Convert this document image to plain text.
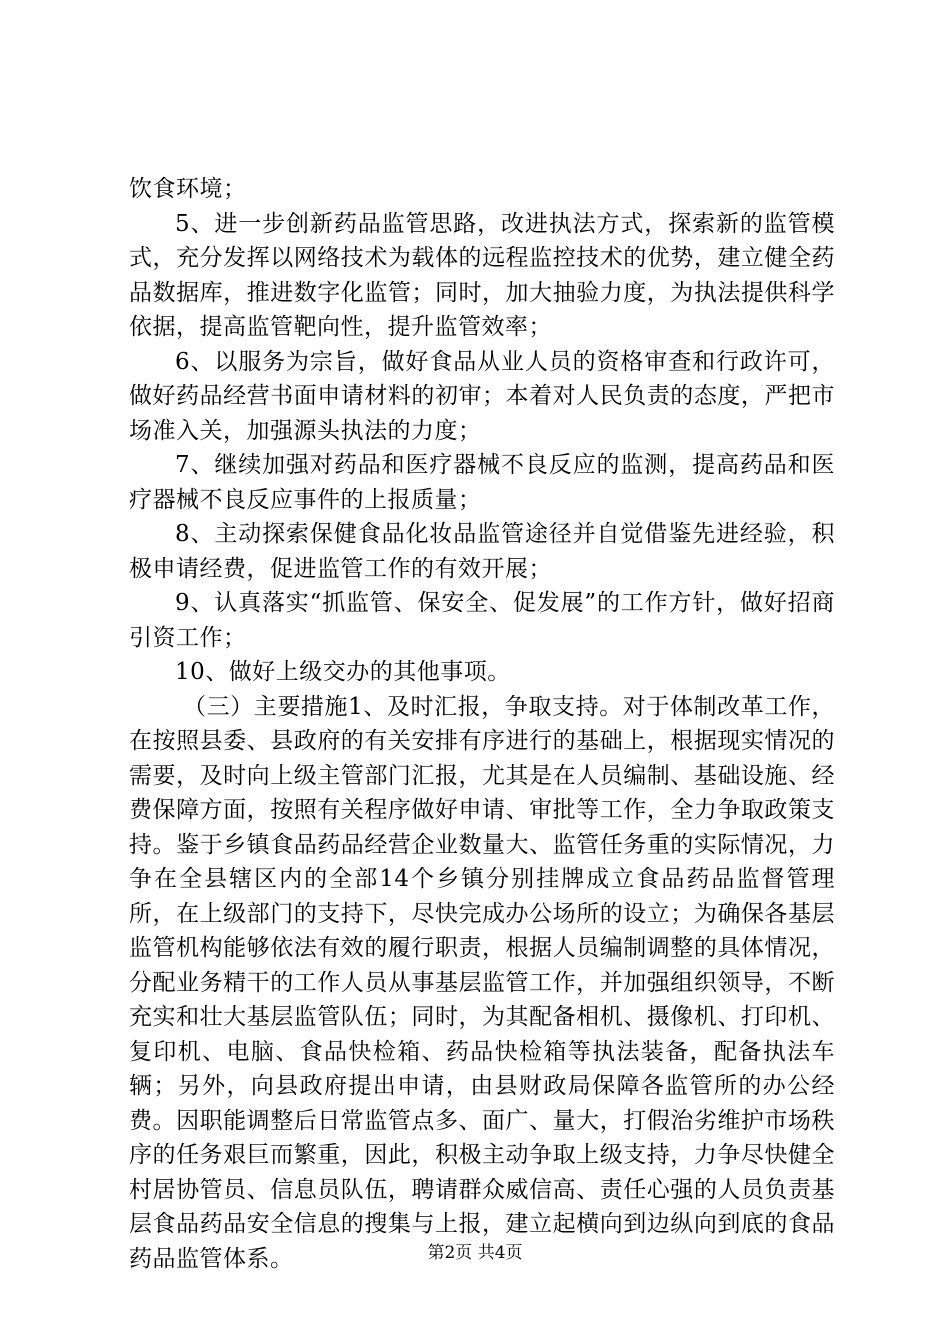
饮食环境；

5、进一步创新药品监管思路，改进执法方式，探索新的监管模式，充分发挥以网络技术为载体的远程监控技术的优势，建立健全药品数据库，推进数字化监管；同时，加大抽验力度，为执法提供科学依据，提高监管靶向性，提升监管效率；

6、以服务为宗旨，做好食品从业人员的资格审查和行政许可，做好药品经营书面申请材料的初审；本着对人民负责的态度，严把市场准入关，加强源头执法的力度；

7、继续加强对药品和医疗器械不良反应的监测，提高药品和医疗器械不良反应事件的上报质量；

8、主动探索保健食品化妆品监管途径并自觉借鉴先进经验，积极申请经费，促进监管工作的有效开展；

9、认真落实“抓监管、保安全、促发展”的工作方针，做好招商引资工作；

10、做好上级交办的其他事项。

（三）主要措施1、及时汇报，争取支持。对于体制改革工作，在按照县委、县政府的有关安排有序进行的基础上，根据现实情况的需要，及时向上级主管部门汇报，尤其是在人员编制、基础设施、经费保障方面，按照有关程序做好申请、审批等工作，全力争取政策支持。鉴于乡镇食品药品经营企业数量大、监管任务重的实际情况，力争在全县辖区内的全部14个乡镇分别挂牌成立食品药品监督管理所，在上级部门的支持下，尽快完成办公场所的设立；为确保各基层监管机构能够依法有效的履行职责，根据人员编制调整的具体情况，分配业务精干的工作人员从事基层监管工作，并加强组织领导，不断充实和壮大基层监管队伍；同时，为其配备相机、摄像机、打印机、复印机、电脑、食品快检箱、药品快检箱等执法装备，配备执法车辆；另外，向县政府提出申请，由县财政局保障各监管所的办公经费。因职能调整后日常监管点多、面广、量大，打假治劣维护市场秩序的任务艰巨而繁重，因此，积极主动争取上级支持，力争尽快健全村居协管员、信息员队伍，聘请群众威信高、责任心强的人员负责基层食品药品安全信息的搜集与上报，建立起横向到边纵向到底的食品药品监管体系。	第2页 共4页
